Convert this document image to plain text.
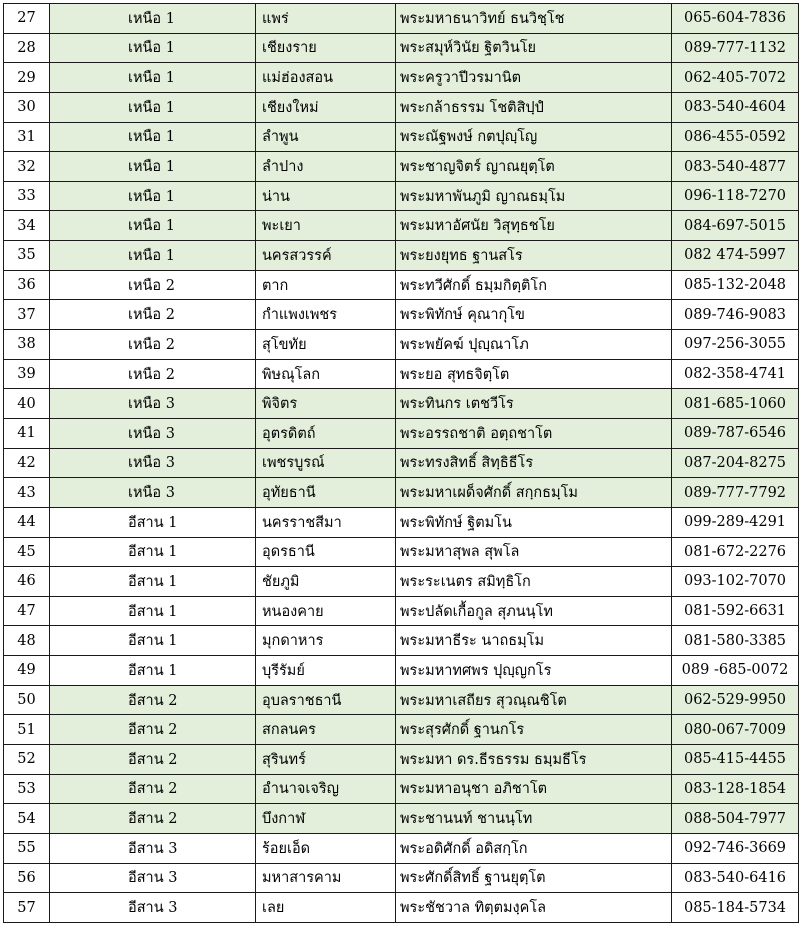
27	เหนือ 1	แพร่	พระมหาธนาวิทย์ ธนวิชฺโช	065-604-7836
28	เหนือ 1	เชียงราย	พระสมุห์วินัย ฐิตวินโย	089-777-1132
29	เหนือ 1	แม่ฮ่องสอน	พระครูวาปีวรมานิต	062-405-7072
30	เหนือ 1	เชียงใหม่	พระกล้าธรรม โชติสิปฺปํ	083-540-4604
31	เหนือ 1	ลำพูน	พระณัฐพงษ์ กตปุญฺโญ	086-455-0592
32	เหนือ 1	ลำปาง	พระชาญจิตร์ ญาณยุตฺโต	083-540-4877
33	เหนือ 1	น่าน	พระมหาพันภูมิ ญาณธมฺโม	096-118-7270
34	เหนือ 1	พะเยา	พระมหาอัศนัย วิสุทฺธชโย	084-697-5015
35	เหนือ 1	นครสวรรค์	พระยงยุทธ ฐานสโร	082 474-5997
36	เหนือ 2	ตาก	พระทวีศักดิ์ ธมฺมกิตฺติโก	085-132-2048
37	เหนือ 2	กำแพงเพชร	พระพิทักษ์ คุณากุโข	089-746-9083
38	เหนือ 2	สุโขทัย	พระพยัคฆ์ ปุญฺณาโภ	097-256-3055
39	เหนือ 2	พิษณุโลก	พระยอ สุทธจิตฺโต	082-358-4741
40	เหนือ 3	พิจิตร	พระทินกร เตชวีโร	081-685-1060
41	เหนือ 3	อุตรดิตถ์	พระอรรถชาติ อตฺถชาโต	089-787-6546
42	เหนือ 3	เพชรบูรณ์	พระทรงสิทธิ์ สิทฺธิธีโร	087-204-8275
43	เหนือ 3	อุทัยธานี	พระมหาเผด็จศักดิ์ สกฺกธมฺโม	089-777-7792
44	อีสาน 1	นครราชสีมา	พระพิทักษ์ ฐิตมโน	099-289-4291
45	อีสาน 1	อุดรธานี	พระมหาสุพล สุพโล	081-672-2276
46	อีสาน 1	ชัยภูมิ	พระระเนตร สมิทฺธิโก	093-102-7070
47	อีสาน 1	หนองคาย	พระปลัดเกื้อกูล สุภนนฺโท	081-592-6631
48	อีสาน 1	มุกดาหาร	พระมหาธีระ นาถธมฺโม	081-580-3385
49	อีสาน 1	บุรีรัมย์	พระมหาทศพร ปุญฺญกโร	089 -685-0072
50	อีสาน 2	อุบลราชธานี	พระมหาเสถียร สุวณฺณชิโต	062-529-9950
51	อีสาน 2	สกลนคร	พระสุรศักดิ์ ฐานกโร	080-067-7009
52	อีสาน 2	สุรินทร์	พระมหา ดร.ธีรธรรม ธมฺมธีโร	085-415-4455
53	อีสาน 2	อำนาจเจริญ	พระมหาอนุชา อภิชาโต	083-128-1854
54	อีสาน 2	บึงกาฬ	พระชานนท์ ชานนฺโท	088-504-7977
55	อีสาน 3	ร้อยเอ็ด	พระอดิศักดิ์ อดิสกฺโก	092-746-3669
56	อีสาน 3	มหาสารคาม	พระศักดิ์สิทธิ์ ฐานยุตฺโต	083-540-6416
57	อีสาน 3	เลย	พระชัชวาล ทิตฺตมงฺคโล	085-184-5734
